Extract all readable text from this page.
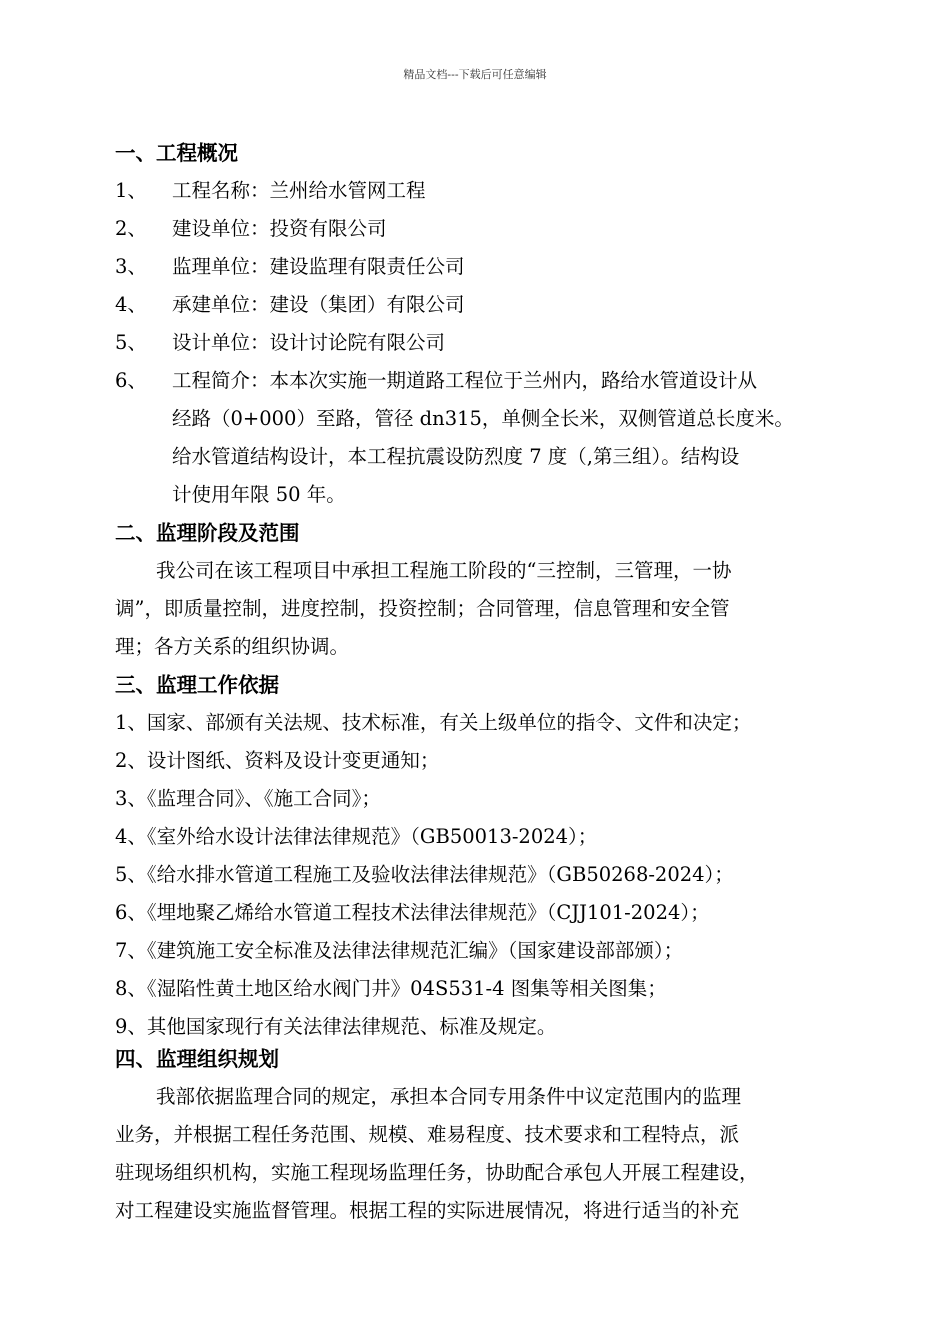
精品文档---下载后可任意编辑
一、工程概况
1、	工程名称：兰州给水管网工程
2、	建设单位：投资有限公司
3、	监理单位：建设监理有限责任公司
4、	承建单位：建设（集团）有限公司
5、	设计单位：设计讨论院有限公司
6、	工程简介：本本次实施一期道路工程位于兰州内，路给水管道设计从
经路（0+000）至路，管径 dn315，单侧全长米，双侧管道总长度米。
给水管道结构设计，本工程抗震设防烈度 7 度（,第三组）。结构设
计使用年限 50 年。
二、监理阶段及范围
我公司在该工程项目中承担工程施工阶段的“三控制，三管理，一协
调”，即质量控制，进度控制，投资控制；合同管理，信息管理和安全管
理；各方关系的组织协调。
三、监理工作依据
1、国家、部颁有关法规、技术标准，有关上级单位的指令、文件和决定；
2、设计图纸、资料及设计变更通知；
3、《监理合同》、《施工合同》；
4、《室外给水设计法律法律规范》（GB50013-2024）；
5、《给水排水管道工程施工及验收法律法律规范》（GB50268-2024）；
6、《埋地聚乙烯给水管道工程技术法律法律规范》（CJJ101-2024）；
7、《建筑施工安全标准及法律法律规范汇编》（国家建设部部颁）；
8、《湿陷性黄土地区给水阀门井》04S531-4 图集等相关图集；
9、其他国家现行有关法律法律规范、标准及规定。
四、监理组织规划
我部依据监理合同的规定，承担本合同专用条件中议定范围内的监理
业务，并根据工程任务范围、规模、难易程度、技术要求和工程特点，派
驻现场组织机构，实施工程现场监理任务，协助配合承包人开展工程建设，
对工程建设实施监督管理。根据工程的实际进展情况，将进行适当的补充
